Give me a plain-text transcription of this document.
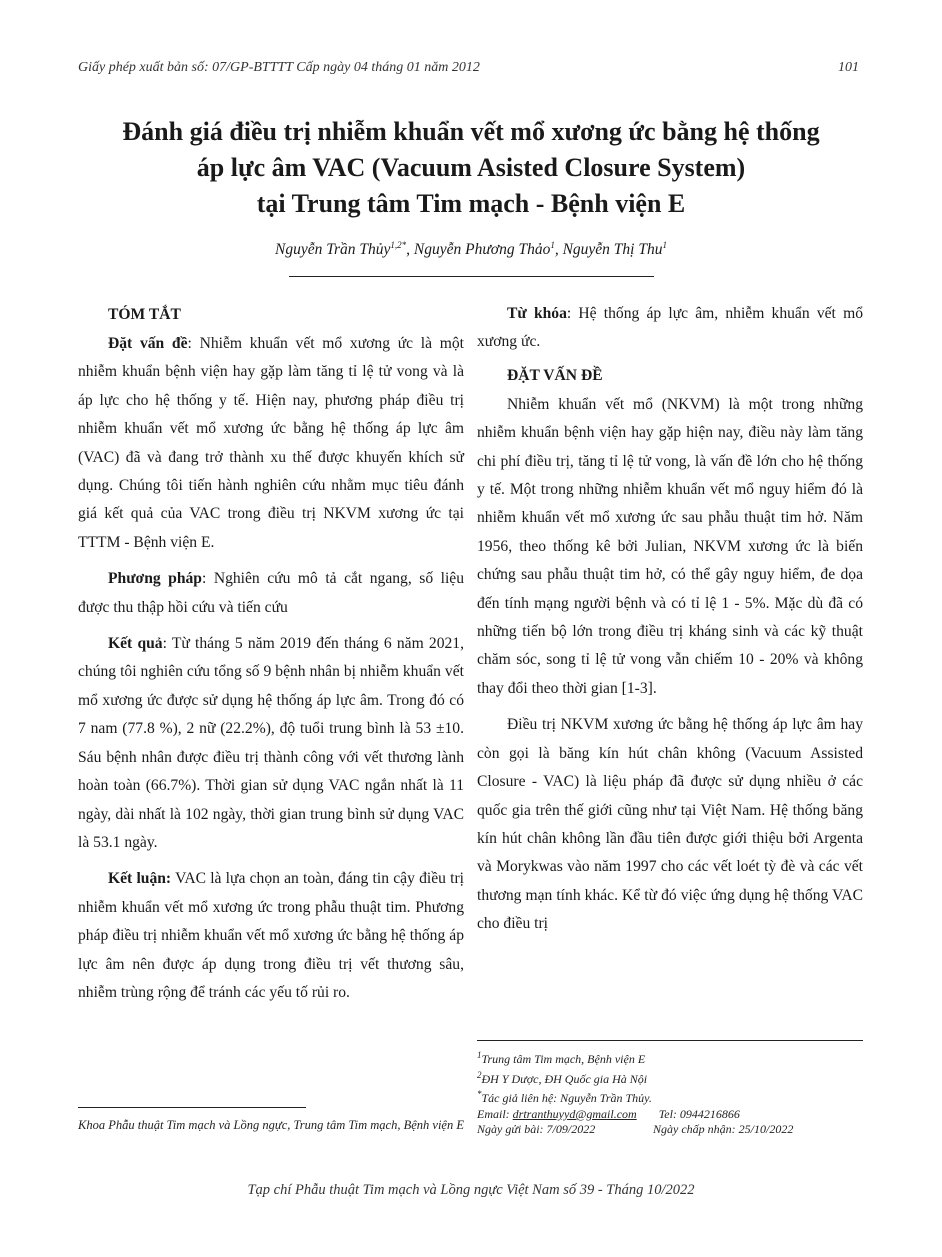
Giấy phép xuất bản số: 07/GP-BTTTT Cấp ngày 04 tháng 01 năm 2012	101
Đánh giá điều trị nhiễm khuẩn vết mổ xương ức bằng hệ thống
áp lực âm VAC (Vacuum Asisted Closure System)
tại Trung tâm Tim mạch - Bệnh viện E
Nguyễn Trần Thủy$^{1,2*}$, Nguyễn Phương Thảo$^1$, Nguyễn Thị Thu$^1$
TÓM TẮT

Đặt vấn đề: Nhiễm khuẩn vết mổ xương ức là một nhiễm khuẩn bệnh viện hay gặp làm tăng tỉ lệ tử vong và là áp lực cho hệ thống y tế. Hiện nay, phương pháp điều trị nhiễm khuẩn vết mổ xương ức bằng hệ thống áp lực âm (VAC) đã và đang trở thành xu thế được khuyến khích sử dụng. Chúng tôi tiến hành nghiên cứu nhằm mục tiêu đánh giá kết quả của VAC trong điều trị NKVM xương ức tại TTTM - Bệnh viện E.

Phương pháp: Nghiên cứu mô tả cắt ngang, số liệu được thu thập hồi cứu và tiến cứu

Kết quả: Từ tháng 5 năm 2019 đến tháng 6 năm 2021, chúng tôi nghiên cứu tổng số 9 bệnh nhân bị nhiễm khuẩn vết mổ xương ức được sử dụng hệ thống áp lực âm. Trong đó có 7 nam (77.8 %), 2 nữ (22.2%), độ tuổi trung bình là 53 ±10. Sáu bệnh nhân được điều trị thành công với vết thương lành hoàn toàn (66.7%). Thời gian sử dụng VAC ngắn nhất là 11 ngày, dài nhất là 102 ngày, thời gian trung bình sử dụng VAC là 53.1 ngày.

Kết luận: VAC là lựa chọn an toàn, đáng tin cậy điều trị nhiễm khuẩn vết mổ xương ức trong phẫu thuật tim. Phương pháp điều trị nhiễm khuẩn vết mổ xương ức bằng hệ thống áp lực âm nên được áp dụng trong điều trị vết thương sâu, nhiễm trùng rộng để tránh các yếu tố rủi ro.

Từ khóa: Hệ thống áp lực âm, nhiễm khuẩn vết mổ xương ức.

ĐẶT VẤN ĐỀ

Nhiễm khuẩn vết mổ (NKVM) là một trong những nhiễm khuẩn bệnh viện hay gặp hiện nay, điều này làm tăng chi phí điều trị, tăng tỉ lệ tử vong, là vấn đề lớn cho hệ thống y tế. Một trong những nhiễm khuẩn vết mổ nguy hiểm đó là nhiễm khuẩn vết mổ xương ức sau phẫu thuật tim hở. Năm 1956, theo thống kê bởi Julian, NKVM xương ức là biến chứng sau phẫu thuật tim hở, có thể gây nguy hiểm, đe dọa đến tính mạng người bệnh và có tỉ lệ 1 - 5%. Mặc dù đã có những tiến bộ lớn trong điều trị kháng sinh và các kỹ thuật chăm sóc, song tỉ lệ tử vong vẫn chiếm 10 - 20% và không thay đổi theo thời gian [1-3].

Điều trị NKVM xương ức bằng hệ thống áp lực âm hay còn gọi là băng kín hút chân không (Vacuum Assisted Closure - VAC) là liệu pháp đã được sử dụng nhiều ở các quốc gia trên thế giới cũng như tại Việt Nam. Hệ thống băng kín hút chân không lần đầu tiên được giới thiệu bởi Argenta và Morykwas vào năm 1997 cho các vết loét tỳ đè và các vết thương mạn tính khác. Kể từ đó việc ứng dụng hệ thống VAC cho điều trị

Khoa Phẫu thuật Tim mạch và Lồng ngực, Trung tâm Tim mạch, Bệnh viện E
$^1$Trung tâm Tim mạch, Bệnh viện E
$^2$ĐH Y Dược, ĐH Quốc gia Hà Nội
*Tác giả liên hệ: Nguyễn Trần Thủy.
Email: drtranthuyyd@gmail.com Tel: 0944216866
Ngày gửi bài: 7/09/2022	Ngày chấp nhận: 25/10/2022
Tạp chí Phẫu thuật Tim mạch và Lồng ngực Việt Nam số 39 - Tháng 10/2022
